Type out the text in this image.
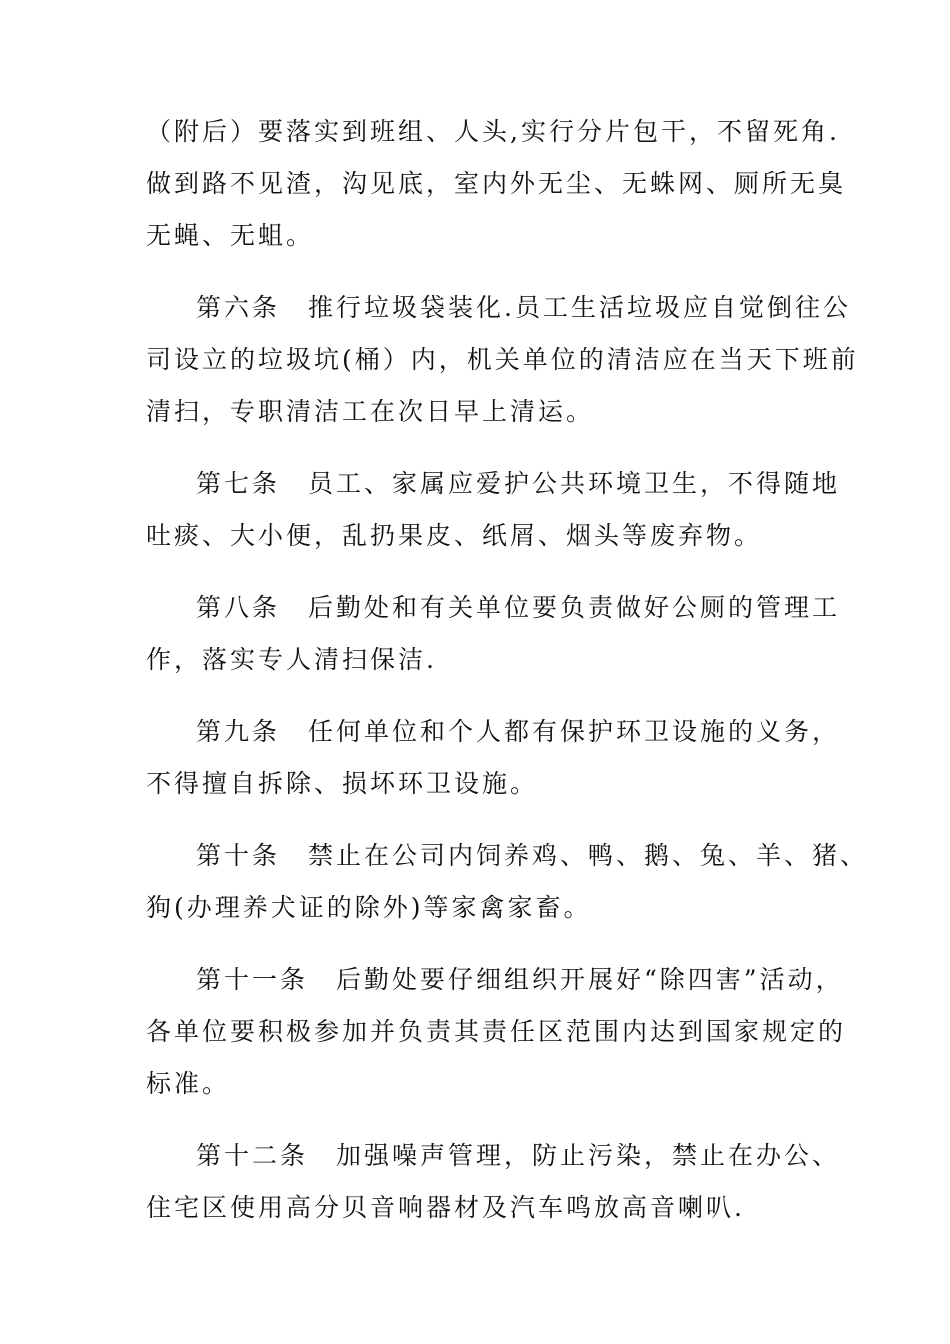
（附后）要落实到班组、人头,实行分片包干，不留死角.
做到路不见渣，沟见底，室内外无尘、无蛛网、厕所无臭
无蝇、无蛆。
第六条　推行垃圾袋装化.员工生活垃圾应自觉倒往公
司设立的垃圾坑(桶）内，机关单位的清洁应在当天下班前
清扫，专职清洁工在次日早上清运。
第七条　员工、家属应爱护公共环境卫生，不得随地
吐痰、大小便，乱扔果皮、纸屑、烟头等废弃物。
第八条　后勤处和有关单位要负责做好公厕的管理工
作，落实专人清扫保洁.
第九条　任何单位和个人都有保护环卫设施的义务，
不得擅自拆除、损坏环卫设施。
第十条　禁止在公司内饲养鸡、鸭、鹅、兔、羊、猪、
狗(办理养犬证的除外)等家禽家畜。
第十一条　后勤处要仔细组织开展好“除四害”活动，
各单位要积极参加并负责其责任区范围内达到国家规定的
标准。
第十二条　加强噪声管理，防止污染，禁止在办公、
住宅区使用高分贝音响器材及汽车鸣放高音喇叭.
